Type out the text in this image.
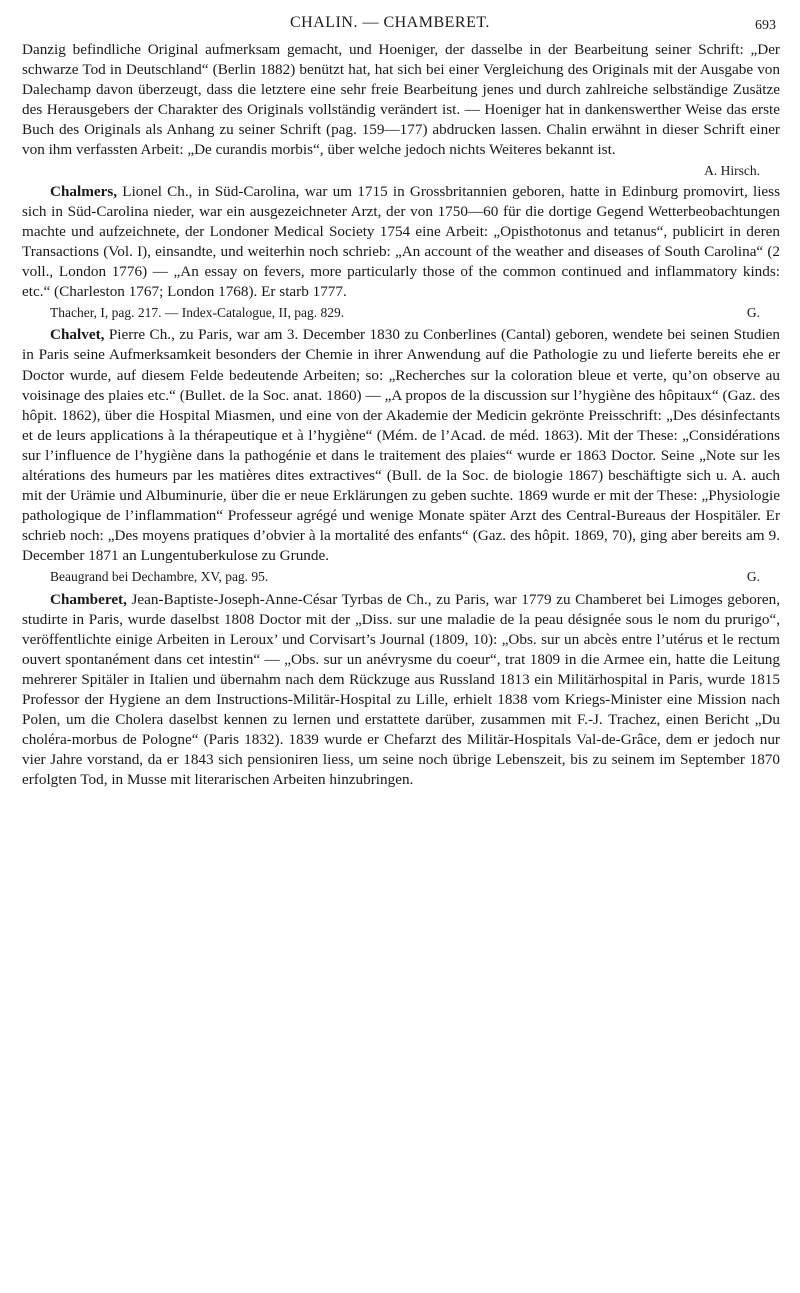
CHALIN. — CHAMBERET.	693

Danzig befindliche Original aufmerksam gemacht, und Hoeniger, der dasselbe in der Bearbeitung seiner Schrift: „Der schwarze Tod in Deutschland“ (Berlin 1882) benützt hat, hat sich bei einer Vergleichung des Originals mit der Ausgabe von Dalechamp davon überzeugt, dass die letztere eine sehr freie Bearbeitung jenes und durch zahlreiche selbständige Zusätze des Herausgebers der Charakter des Originals vollständig verändert ist. — Hoeniger hat in dankenswerther Weise das erste Buch des Originals als Anhang zu seiner Schrift (pag. 159—177) abdrucken lassen. Chalin erwähnt in dieser Schrift einer von ihm verfassten Arbeit: „De curandis morbis“, über welche jedoch nichts Weiteres bekannt ist.

A. Hirsch.

Chalmers, Lionel Ch., in Süd-Carolina, war um 1715 in Grossbritannien geboren, hatte in Edinburg promovirt, liess sich in Süd-Carolina nieder, war ein ausgezeichneter Arzt, der von 1750—60 für die dortige Gegend Wetterbeobachtungen machte und aufzeichnete, der Londoner Medical Society 1754 eine Arbeit: „Opisthotonus and tetanus“, publicirt in deren Transactions (Vol. I), einsandte, und weiterhin noch schrieb: „An account of the weather and diseases of South Carolina“ (2 voll., London 1776) — „An essay on fevers, more particularly those of the common continued and inflammatory kinds: etc.“ (Charleston 1767; London 1768). Er starb 1777.

Thacher, I, pag. 217. — Index-Catalogue, II, pag. 829.	G.

Chalvet, Pierre Ch., zu Paris, war am 3. December 1830 zu Conberlines (Cantal) geboren, wendete bei seinen Studien in Paris seine Aufmerksamkeit besonders der Chemie in ihrer Anwendung auf die Pathologie zu und lieferte bereits ehe er Doctor wurde, auf diesem Felde bedeutende Arbeiten; so: „Recherches sur la coloration bleue et verte, qu’on observe au voisinage des plaies etc.“ (Bullet. de la Soc. anat. 1860) — „A propos de la discussion sur l’hygiène des hôpitaux“ (Gaz. des hôpit. 1862), über die Hospital Miasmen, und eine von der Akademie der Medicin gekrönte Preisschrift: „Des désinfectants et de leurs applications à la thérapeutique et à l’hygiène“ (Mém. de l’Acad. de méd. 1863). Mit der These: „Considérations sur l’influence de l’hygiène dans la pathogénie et dans le traitement des plaies“ wurde er 1863 Doctor. Seine „Note sur les altérations des humeurs par les matières dites extractives“ (Bull. de la Soc. de biologie 1867) beschäftigte sich u. A. auch mit der Urämie und Albuminurie, über die er neue Erklärungen zu geben suchte. 1869 wurde er mit der These: „Physiologie pathologique de l’inflammation“ Professeur agrégé und wenige Monate später Arzt des Central-Bureaus der Hospitäler. Er schrieb noch: „Des moyens pratiques d’obvier à la mortalité des enfants“ (Gaz. des hôpit. 1869, 70), ging aber bereits am 9. December 1871 an Lungentuberkulose zu Grunde.

Beaugrand bei Dechambre, XV, pag. 95.	G.

Chamberet, Jean-Baptiste-Joseph-Anne-César Tyrbas de Ch., zu Paris, war 1779 zu Chamberet bei Limoges geboren, studirte in Paris, wurde daselbst 1808 Doctor mit der „Diss. sur une maladie de la peau désignée sous le nom du prurigo“, veröffentlichte einige Arbeiten in Leroux’ und Corvisart’s Journal (1809, 10): „Obs. sur un abcès entre l’utérus et le rectum ouvert spontanément dans cet intestin“ — „Obs. sur un anévrysme du coeur“, trat 1809 in die Armee ein, hatte die Leitung mehrerer Spitäler in Italien und übernahm nach dem Rückzuge aus Russland 1813 ein Militärhospital in Paris, wurde 1815 Professor der Hygiene an dem Instructions-Militär-Hospital zu Lille, erhielt 1838 vom Kriegs-Minister eine Mission nach Polen, um die Cholera daselbst kennen zu lernen und erstattete darüber, zusammen mit F.-J. Trachez, einen Bericht „Du choléra-morbus de Pologne“ (Paris 1832). 1839 wurde er Chefarzt des Militär-Hospitals Val-de-Grâce, dem er jedoch nur vier Jahre vorstand, da er 1843 sich pensioniren liess, um seine noch übrige Lebenszeit, bis zu seinem im September 1870 erfolgten Tod, in Musse mit literarischen Arbeiten hinzubringen.
